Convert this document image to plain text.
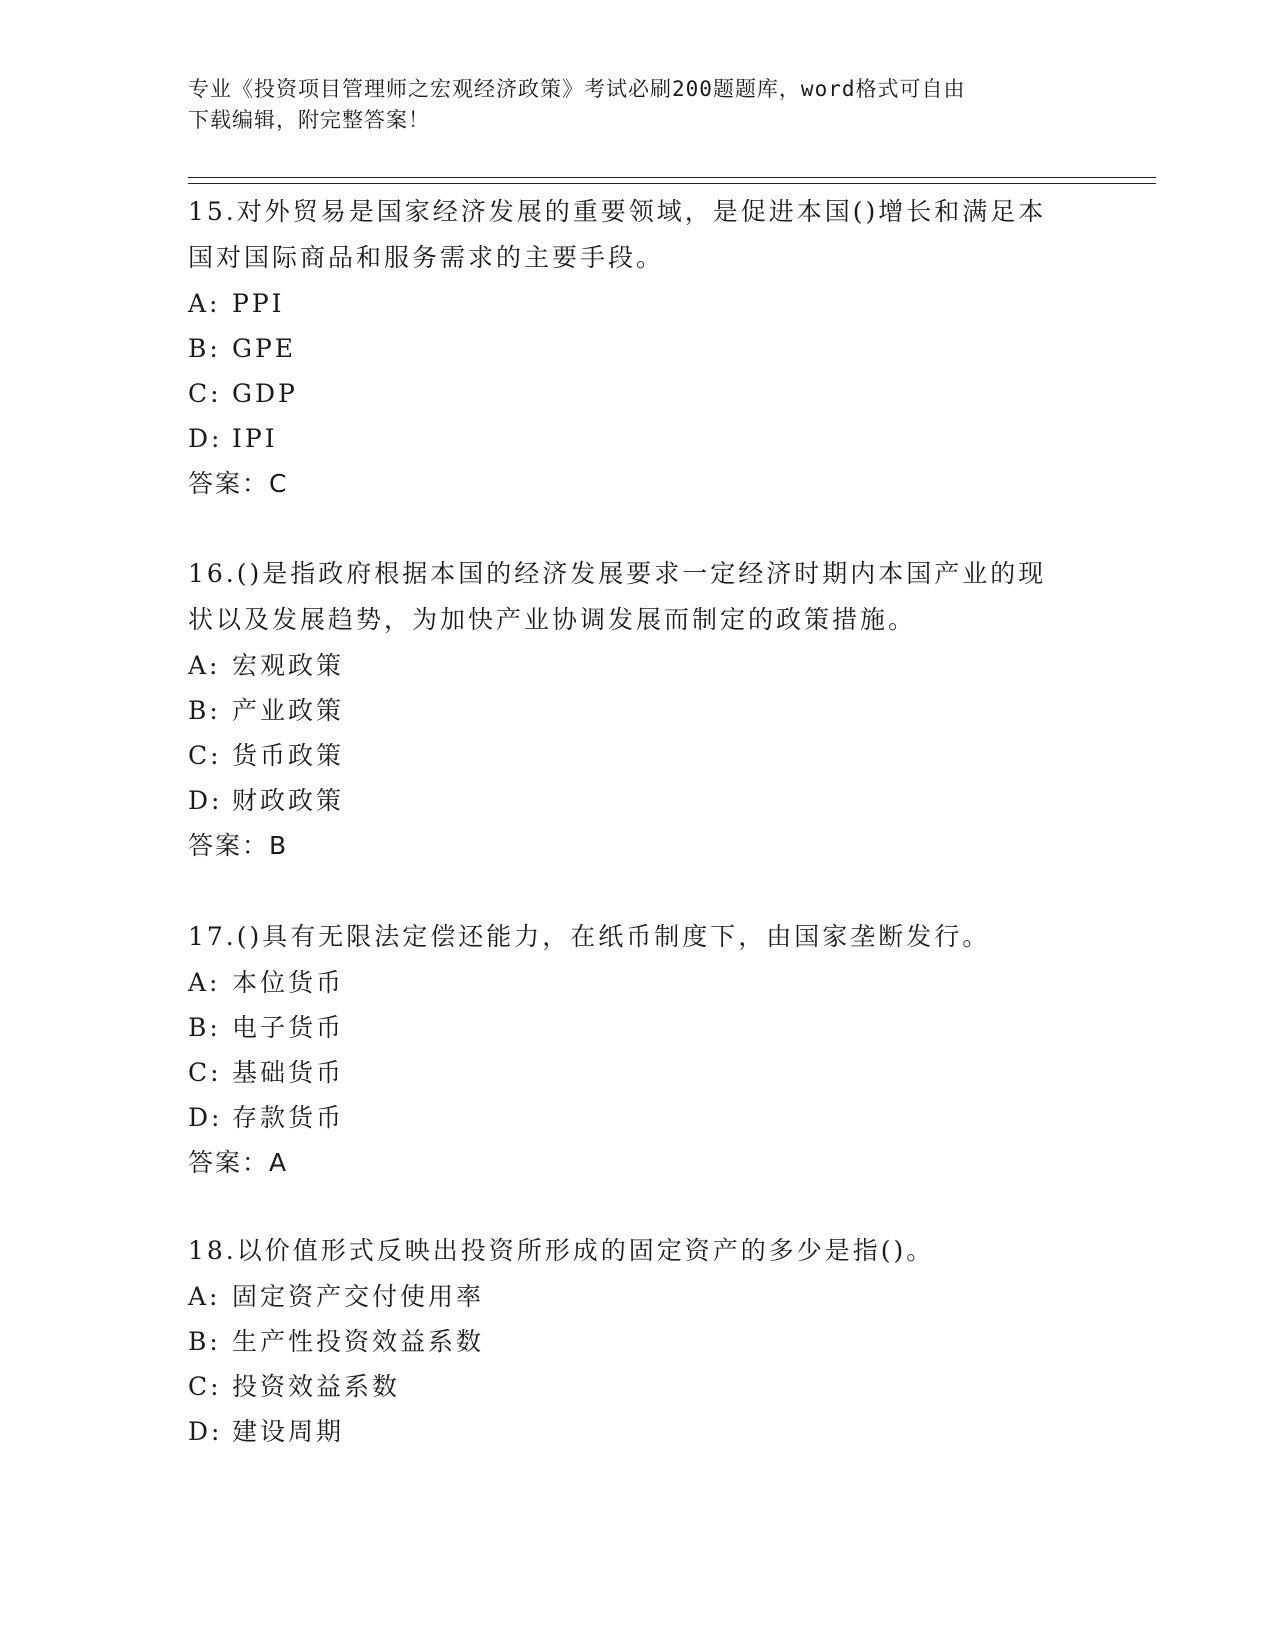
专业《投资项目管理师之宏观经济政策》考试必刷200题题库，word格式可自由
下载编辑，附完整答案！

15.对外贸易是国家经济发展的重要领域，是促进本国()增长和满足本
国对国际商品和服务需求的主要手段。

A: PPI

B: GPE

C: GDP

D: IPI

答案：C

16.()是指政府根据本国的经济发展要求一定经济时期内本国产业的现
状以及发展趋势，为加快产业协调发展而制定的政策措施。

A: 宏观政策

B: 产业政策

C: 货币政策

D: 财政政策

答案：B

17.()具有无限法定偿还能力，在纸币制度下，由国家垄断发行。

A: 本位货币

B: 电子货币

C: 基础货币

D: 存款货币

答案：A

18.以价值形式反映出投资所形成的固定资产的多少是指()。

A: 固定资产交付使用率

B: 生产性投资效益系数

C: 投资效益系数

D: 建设周期
